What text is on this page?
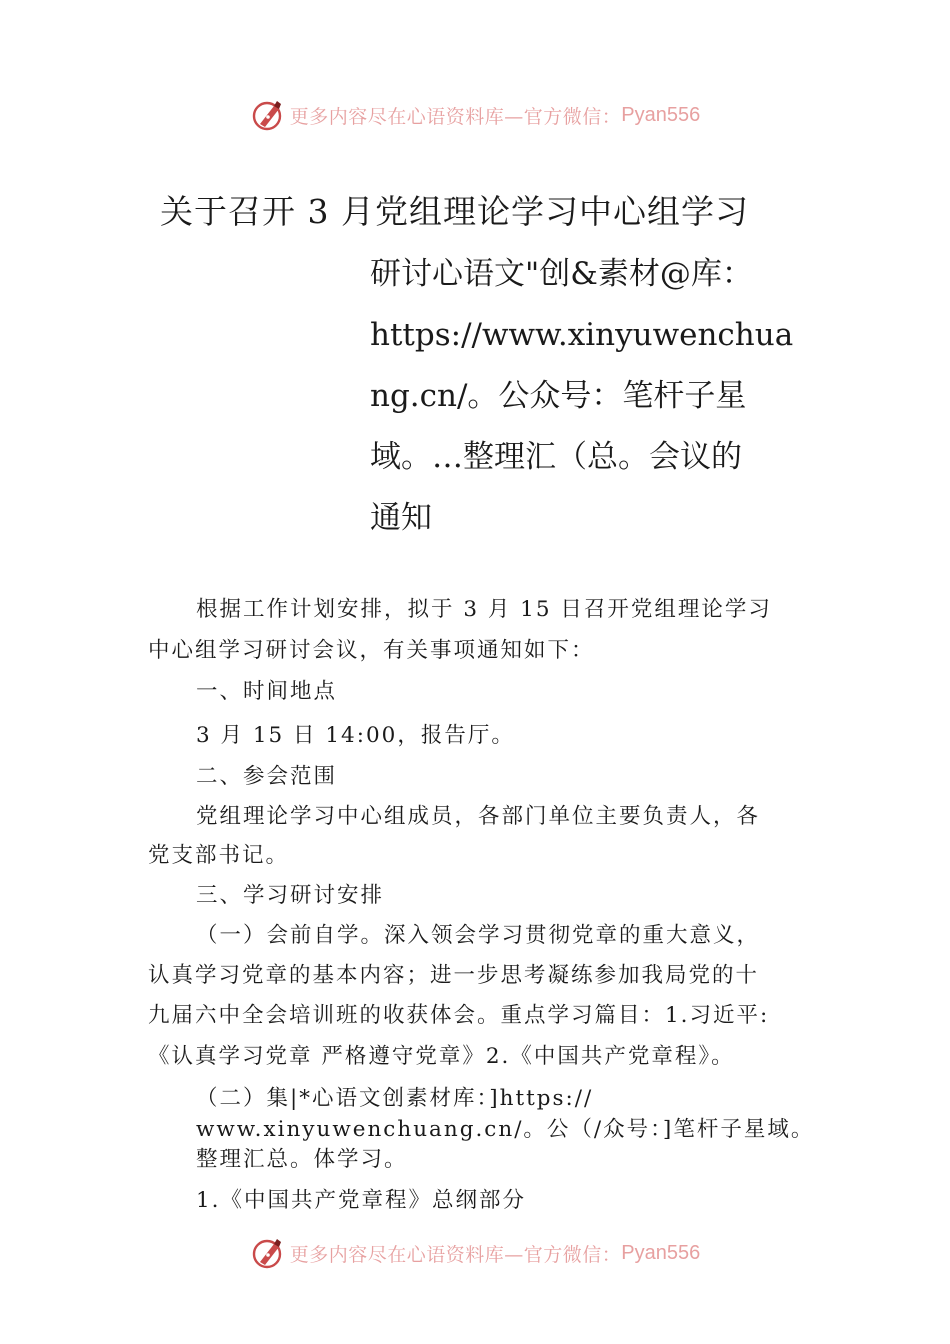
更多内容尽在心语资料库—官方微信： Pyan556
关于召开 3 月党组理论学习中心组学习
研讨心语文"创&素材@库：
https://www.xinyuwenchua
ng.cn/。公众号：笔杆子星
域。…整理汇（总。会议的
通知
根据工作计划安排，拟于 3 月 15 日召开党组理论学习
中心组学习研讨会议，有关事项通知如下：
一、时间地点
3 月 15 日 14:00，报告厅。
二、参会范围
党组理论学习中心组成员，各部门单位主要负责人，各
党支部书记。
三、学习研讨安排
（一）会前自学。深入领会学习贯彻党章的重大意义，
认真学习党章的基本内容；进一步思考凝练参加我局党的十
九届六中全会培训班的收获体会。重点学习篇目：1.习近平:
《认真学习党章 严格遵守党章》2.《中国共产党章程》。
（二）集|*心语文创素材库：]https://
www.xinyuwenchuang.cn/。公（/众号：]笔杆子星域。
整理汇总。体学习。
1.《中国共产党章程》总纲部分
更多内容尽在心语资料库—官方微信： Pyan556
